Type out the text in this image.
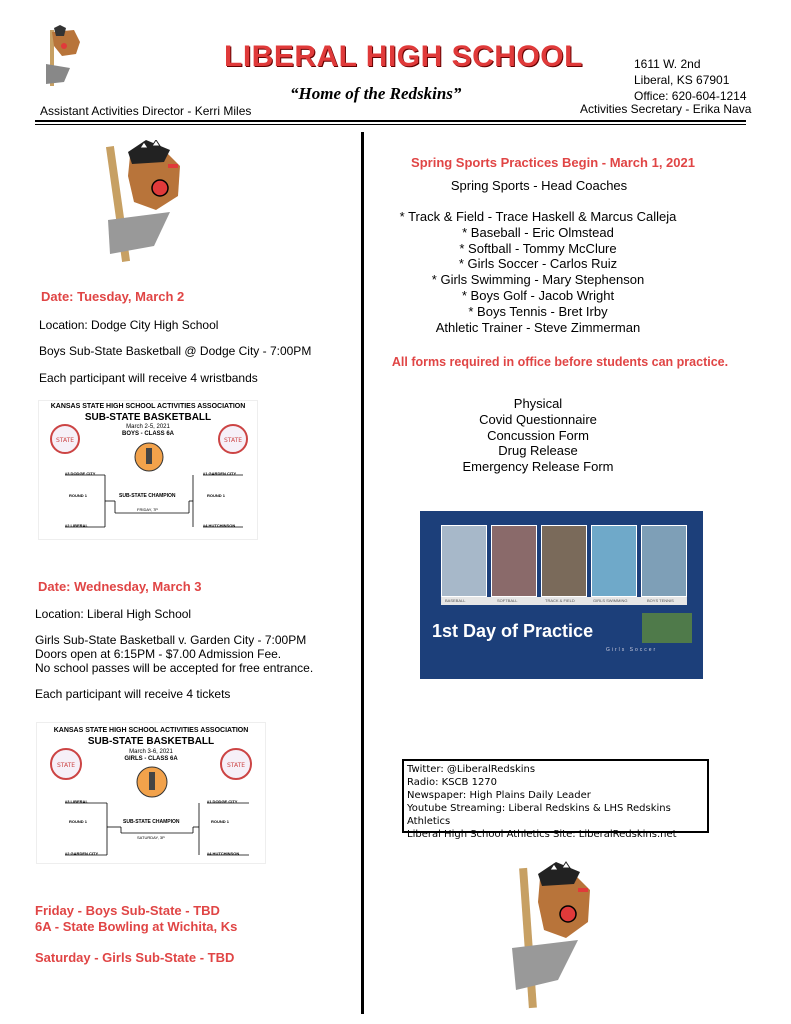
LIBERAL HIGH SCHOOL
“Home of the Redskins”
1611 W. 2nd
Liberal, KS 67901
Office: 620-604-1214
Assistant Activities Director - Kerri Miles	Activities Secretary - Erika Nava
Date: Tuesday, March 2
Location: Dodge City High School
Boys Sub-State Basketball @ Dodge City - 7:00PM
Each participant will receive 4 wristbands
KANSAS STATE HIGH SCHOOL ACTIVITIES ASSOCIATION
SUB-STATE BASKETBALL
March 2-5, 2021
BOYS - CLASS 6A
STATE	STATE
#3 DODGE CITY
#2 LIBERAL
#1 GARDEN CITY
#4 HUTCHINSON
ROUND 1	ROUND 1
SUB-STATE CHAMPION
FRIDAY, 7P
Date: Wednesday, March 3
Location: Liberal High School
Girls Sub-State Basketball v. Garden City - 7:00PM
Doors open at 6:15PM - $7.00 Admission Fee.
No school passes will be accepted for free entrance.
Each participant will receive 4 tickets
KANSAS STATE HIGH SCHOOL ACTIVITIES ASSOCIATION
SUB-STATE BASKETBALL
March 3-6, 2021
GIRLS - CLASS 6A
STATE	STATE
#3 LIBERAL
#2 GARDEN CITY
#1 DODGE CITY
#4 HUTCHINSON
ROUND 1	ROUND 1
SUB-STATE CHAMPION
SATURDAY, 3P
Friday - Boys Sub-State - TBD
6A - State Bowling at Wichita, Ks
Saturday - Girls Sub-State - TBD
Spring Sports Practices Begin - March 1, 2021
Spring Sports - Head Coaches
* Track & Field - Trace Haskell & Marcus Calleja
* Baseball - Eric Olmstead
* Softball - Tommy McClure
* Girls Soccer - Carlos Ruiz
* Girls Swimming - Mary Stephenson
* Boys Golf - Jacob Wright
* Boys Tennis - Bret Irby
Athletic Trainer - Steve Zimmerman
All forms required in office before students can practice.
Physical
Covid Questionnaire
Concussion Form
Drug Release
Emergency Release Form
BASEBALL	SOFTBALL	TRACK & FIELD	GIRLS SWIMMING	BOYS TENNIS
1st Day of Practice
Girls Soccer
Twitter: @LiberalRedskins
Radio: KSCB 1270
Newspaper: High Plains Daily Leader
Youtube Streaming: Liberal Redskins & LHS Redskins Athletics
Liberal High School Athletics Site: LiberalRedskins.net
